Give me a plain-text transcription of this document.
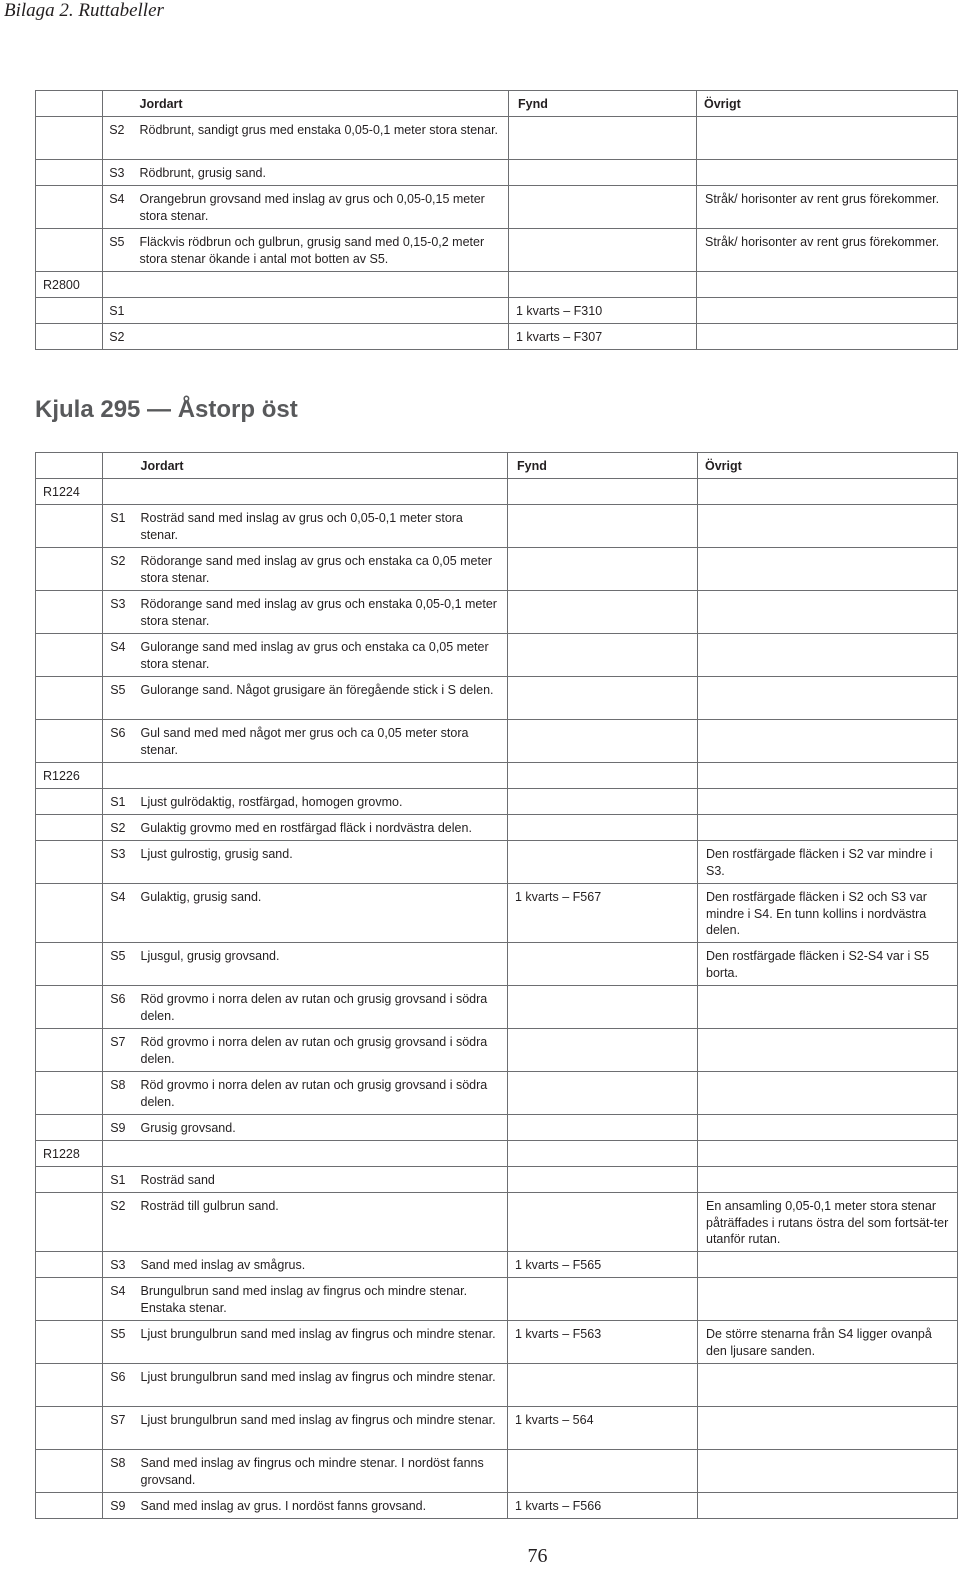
Bilaga 2. Ruttabeller
		Jordart	Fynd	Övrigt
	S2	Rödbrunt, sandigt grus med enstaka 0,05-0,1 meter stora stenar.		
	S3	Rödbrunt, grusig sand.		
	S4	Orangebrun grovsand med inslag av grus och 0,05-0,15 meter stora stenar.		Stråk/ horisonter av rent grus förekommer.
	S5	Fläckvis rödbrun och gulbrun, grusig sand med 0,15-0,2 meter stora stenar ökande i antal mot botten av S5.		Stråk/ horisonter av rent grus förekommer.
R2800				
	S1		1 kvarts – F310	
	S2		1 kvarts – F307	
Kjula 295 — Åstorp öst
		Jordart	Fynd	Övrigt
R1224				
	S1	Rosträd sand med inslag av grus och 0,05-0,1 meter stora stenar.		
	S2	Rödorange sand med inslag av grus och enstaka ca 0,05 meter stora stenar.		
	S3	Rödorange sand med inslag av grus och enstaka 0,05-0,1 meter stora stenar.		
	S4	Gulorange sand med inslag av grus och enstaka ca 0,05 meter stora stenar.		
	S5	Gulorange sand. Något grusigare än föregående stick i S delen.		
	S6	Gul sand med med något mer grus och ca 0,05 meter stora stenar.		
R1226				
	S1	Ljust gulrödaktig, rostfärgad, homogen grovmo.		
	S2	Gulaktig grovmo med en rostfärgad fläck i nordvästra delen.		
	S3	Ljust gulrostig, grusig sand.		Den rostfärgade fläcken i S2 var mindre i S3.
	S4	Gulaktig, grusig sand.	1 kvarts – F567	Den rostfärgade fläcken i S2 och S3 var mindre i S4. En tunn kollins i nordvästra delen.
	S5	Ljusgul, grusig grovsand.		Den rostfärgade fläcken i S2-S4 var i S5 borta.
	S6	Röd grovmo i norra delen av rutan och grusig grovsand i södra delen.		
	S7	Röd grovmo i norra delen av rutan och grusig grovsand i södra delen.		
	S8	Röd grovmo i norra delen av rutan och grusig grovsand i södra delen.		
	S9	Grusig grovsand.		
R1228				
	S1	Rosträd sand		
	S2	Rosträd till gulbrun sand.		En ansamling 0,05-0,1 meter stora stenar påträffades i rutans östra del som fortsät-ter utanför rutan.
	S3	Sand med inslag av smågrus.	1 kvarts – F565	
	S4	Brungulbrun sand med inslag av fingrus och mindre stenar. Enstaka stenar.		
	S5	Ljust brungulbrun sand med inslag av fingrus och mindre stenar.	1 kvarts – F563	De större stenarna från S4 ligger ovanpå den ljusare sanden.
	S6	Ljust brungulbrun sand med inslag av fingrus och mindre stenar.		
	S7	Ljust brungulbrun sand med inslag av fingrus och mindre stenar.	1 kvarts – 564	
	S8	Sand med inslag av fingrus och mindre stenar. I nordöst fanns grovsand.		
	S9	Sand med inslag av grus. I nordöst fanns grovsand.	1 kvarts – F566	
76
